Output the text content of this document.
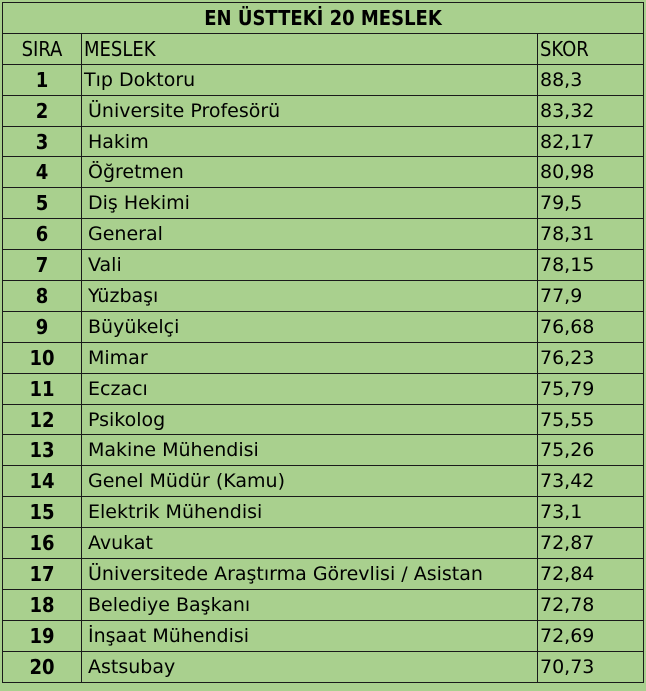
EN ÜSTTEKİ 20 MESLEK		
SIRA	MESLEK	SKOR
1	Tıp Doktoru	88,3
2	Üniversite Profesörü	83,32
3	Hakim	82,17
4	Öğretmen	80,98
5	Diş Hekimi	79,5
6	General	78,31
7	Vali	78,15
8	Yüzbaşı	77,9
9	Büyükelçi	76,68
10	Mimar	76,23
11	Eczacı	75,79
12	Psikolog	75,55
13	Makine Mühendisi	75,26
14	Genel Müdür (Kamu)	73,42
15	Elektrik Mühendisi	73,1
16	Avukat	72,87
17	Üniversitede Araştırma Görevlisi / Asistan	72,84
18	Belediye Başkanı	72,78
19	İnşaat Mühendisi	72,69
20	Astsubay	70,73
